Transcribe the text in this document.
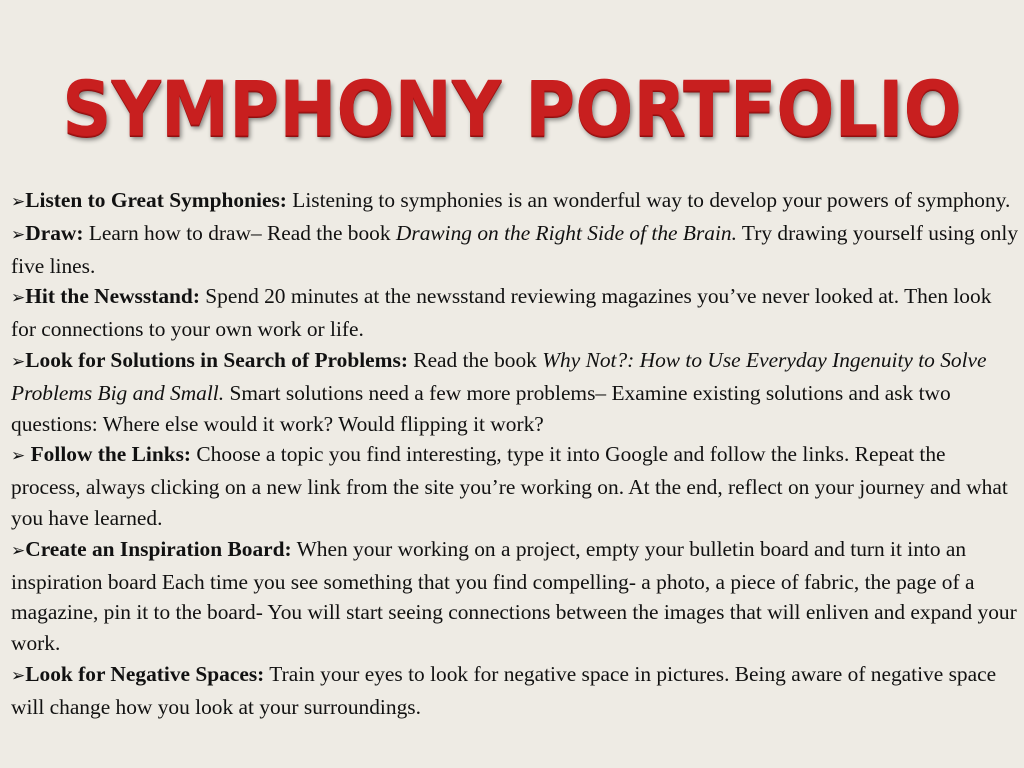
SYMPHONY PORTFOLIO

➢Listen to Great Symphonies: Listening to symphonies is an wonderful way to develop your powers of symphony.

➢Draw: Learn how to draw– Read the book Drawing on the Right Side of the Brain. Try drawing yourself using only five lines.

➢Hit the Newsstand: Spend 20 minutes at the newsstand reviewing magazines you’ve never looked at. Then look for connections to your own work or life.

➢Look for Solutions in Search of Problems: Read the book Why Not?: How to Use Everyday Ingenuity to Solve Problems Big and Small. Smart solutions need a few more problems– Examine existing solutions and ask two questions: Where else would it work? Would flipping it work?

➢ Follow the Links: Choose a topic you find interesting, type it into Google and follow the links. Repeat the process, always clicking on a new link from the site you’re working on. At the end, reflect on your journey and what you have learned.

➢Create an Inspiration Board: When your working on a project, empty your bulletin board and turn it into an inspiration board Each time you see something that you find compelling- a photo, a piece of fabric, the page of a magazine, pin it to the board- You will start seeing connections between the images that will enliven and expand your work.

➢Look for Negative Spaces: Train your eyes to look for negative space in pictures. Being aware of negative space will change how you look at your surroundings.
